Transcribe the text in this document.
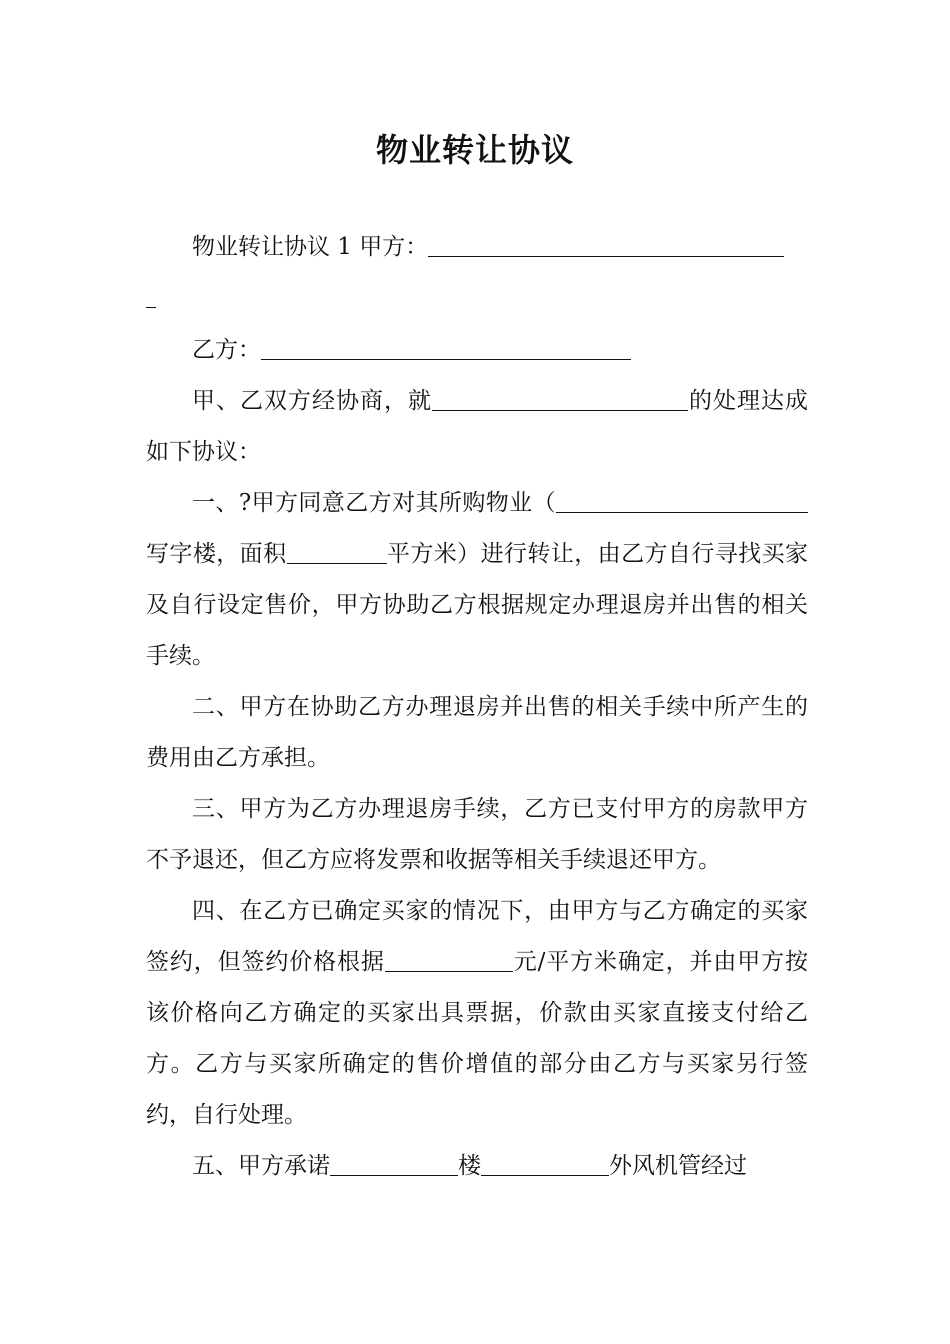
物业转让协议

物业转让协议 1 甲方：

乙方：

甲、乙双方经协商，就	的处理达成如下协议：

一、?甲方同意乙方对其所购物业（写字楼，面积	平方米）进行转让，由乙方自行寻找买家及自行设定售价，甲方协助乙方根据规定办理退房并出售的相关手续。

二、甲方在协助乙方办理退房并出售的相关手续中所产生的费用由乙方承担。

三、甲方为乙方办理退房手续，乙方已支付甲方的房款甲方不予退还，但乙方应将发票和收据等相关手续退还甲方。

四、在乙方已确定买家的情况下，由甲方与乙方确定的买家签约，但签约价格根据	元/平方米确定，并由甲方按该价格向乙方确定的买家出具票据，价款由买家直接支付给乙方。乙方与买家所确定的售价增值的部分由乙方与买家另行签约，自行处理。

五、甲方承诺	楼	外风机管经过
